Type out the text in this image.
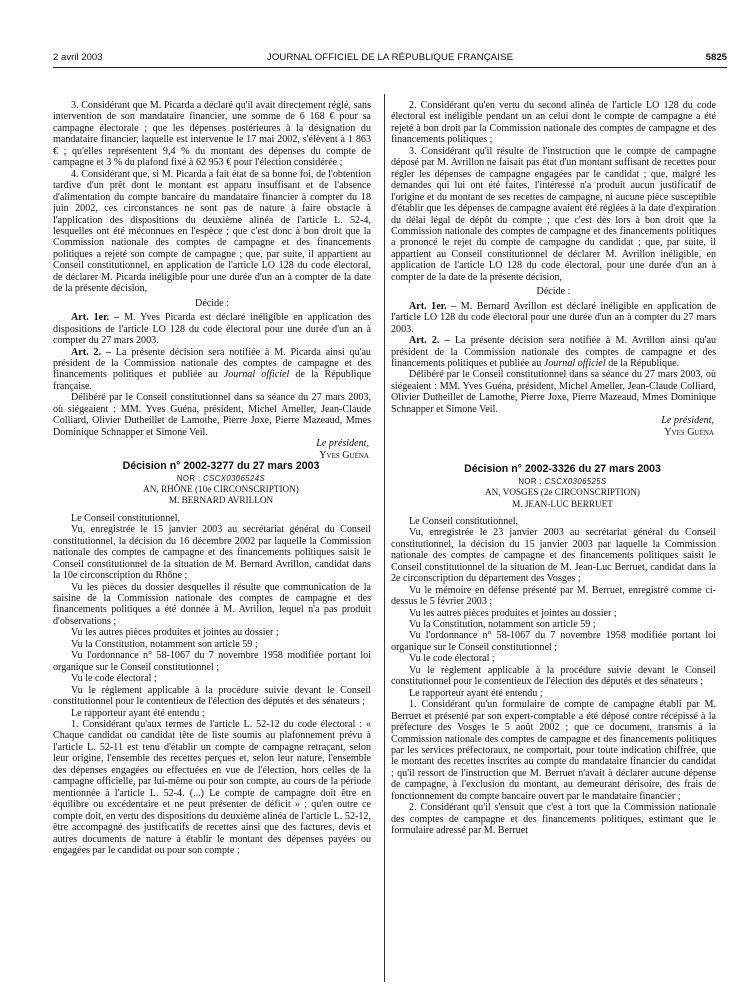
2 avril 2003	JOURNAL OFFICIEL DE LA RÉPUBLIQUE FRANÇAISE	5825

3. Considérant que M. Picarda a déclaré qu'il avait directement réglé, sans intervention de son mandataire financier, une somme de 6 168 € pour sa campagne électorale ; que les dépenses postérieures à la désignation du mandataire financier, laquelle est intervenue le 17 mai 2002, s'élèvent à 1 863 € ; qu'elles représentent 9,4 % du montant des dépenses du compte de campagne et 3 % du plafond fixé à 62 953 € pour l'élection considérée ;

4. Considérant que, si M. Picarda a fait état de sa bonne foi, de l'obtention tardive d'un prêt dont le montant est apparu insuffisant et de l'absence d'alimentation du compte bancaire du mandataire financier à compter du 18 juin 2002, ces circonstances ne sont pas de nature à faire obstacle à l'application des dispositions du deuxième alinéa de l'article L. 52-4, lesquelles ont été méconnues en l'espèce ; que c'est donc à bon droit que la Commission nationale des comptes de campagne et des financements politiques a rejeté son compte de campagne ; que, par suite, il appartient au Conseil constitutionnel, en application de l'article LO 128 du code électoral, de déclarer M. Picarda inéligible pour une durée d'un an à compter de la date de la présente décision,

Décide :

Art. 1er. – M. Yves Picarda est déclaré inéligible en application des dispositions de l'article LO 128 du code électoral pour une durée d'un an à compter du 27 mars 2003.

Art. 2. – La présente décision sera notifiée à M. Picarda ainsi qu'au président de la Commission nationale des comptes de campagne et des financements politiques et publiée au Journal officiel de la République française.

Délibéré par le Conseil constitutionnel dans sa séance du 27 mars 2003, où siégeaient : MM. Yves Guéna, président, Michel Ameller, Jean-Claude Colliard, Olivier Dutheillet de Lamothe, Pierre Joxe, Pierre Mazeaud, Mmes Dominique Schnapper et Simone Veil.

Le président,

Yves Guéna

Décision n° 2002-3277 du 27 mars 2003

NOR : CSCX0306524S

AN, RHÔNE (10e CIRCONSCRIPTION)

M. BERNARD AVRILLON

Le Conseil constitutionnel,

Vu, enregistrée le 15 janvier 2003 au secrétariat général du Conseil constitutionnel, la décision du 16 décembre 2002 par laquelle la Commission nationale des comptes de campagne et des financements politiques saisit le Conseil constitutionnel de la situation de M. Bernard Avrillon, candidat dans la 10e circonscription du Rhône ;

Vu les pièces du dossier desquelles il résulte que communication de la saisine de la Commission nationale des comptes de campagne et des financements politiques a été donnée à M. Avrillon, lequel n'a pas produit d'observations ;

Vu les autres pièces produites et jointes au dossier ;

Vu la Constitution, notamment son article 59 ;

Vu l'ordonnance n° 58-1067 du 7 novembre 1958 modifiée portant loi organique sur le Conseil constitutionnel ;

Vu le code électoral ;

Vu le règlement applicable à la procédure suivie devant le Conseil constitutionnel pour le contentieux de l'élection des députés et des sénateurs ;

Le rapporteur ayant été entendu ;

1. Considérant qu'aux termes de l'article L. 52-12 du code électoral : « Chaque candidat ou candidat tête de liste soumis au plafonnement prévu à l'article L. 52-11 est tenu d'établir un compte de campagne retraçant, selon leur origine, l'ensemble des recettes perçues et, selon leur nature, l'ensemble des dépenses engagées ou effectuées en vue de l'élection, hors celles de la campagne officielle, par lui-même ou pour son compte, au cours de la période mentionnée à l'article L. 52-4. (...) Le compte de campagne doit être en équilibre ou excédentaire et ne peut présenter de déficit » ; qu'en outre ce compte doit, en vertu des dispositions du deuxième alinéa de l'article L. 52-12, être accompagné des justificatifs de recettes ainsi que des factures, devis et autres documents de nature à établir le montant des dépenses payées ou engagées par le candidat ou pour son compte ;

2. Considérant qu'en vertu du second alinéa de l'article LO 128 du code électoral est inéligible pendant un an celui dont le compte de campagne a été rejeté à bon droit par la Commission nationale des comptes de campagne et des financements politiques ;

3. Considérant qu'il résulte de l'instruction que le compte de campagne déposé par M. Avrillon ne faisait pas état d'un montant suffisant de recettes pour régler les dépenses de campagne engagées par le candidat ; que, malgré les demandes qui lui ont été faites, l'intéressé n'a produit aucun justificatif de l'origine et du montant de ses recettes de campagne, ni aucune pièce susceptible d'établir que les dépenses de campagne avaient été réglées à la date d'expiration du délai légal de dépôt du compte ; que c'est dès lors à bon droit que la Commission nationale des comptes de campagne et des financements politiques a prononcé le rejet du compte de campagne du candidat ; que, par suite, il appartient au Conseil constitutionnel de déclarer M. Avrillon inéligible, en application de l'article LO 128 du code électoral, pour une durée d'un an à compter de la date de la présente décision,

Décide :

Art. 1er. – M. Bernard Avrillon est déclaré inéligible en application de l'article LO 128 du code électoral pour une durée d'un an à compter du 27 mars 2003.

Art. 2. – La présente décision sera notifiée à M. Avrillon ainsi qu'au président de la Commission nationale des comptes de campagne et des financements politiques et publiée au Journal officiel de la République.

Délibéré par le Conseil constitutionnel dans sa séance du 27 mars 2003, où siégeaient : MM. Yves Guéna, président, Michel Ameller, Jean-Claude Colliard, Olivier Dutheillet de Lamothe, Pierre Joxe, Pierre Mazeaud, Mmes Dominique Schnapper et Simone Veil.

Le président,

Yves Guéna

Décision n° 2002-3326 du 27 mars 2003

NOR : CSCX0306525S

AN, VOSGES (2e CIRCONSCRIPTION)

M. JEAN-LUC BERRUET

Le Conseil constitutionnel,

Vu, enregistrée le 23 janvier 2003 au secrétariat général du Conseil constitutionnel, la décision du 15 janvier 2003 par laquelle la Commission nationale des comptes de campagne et des financements politiques saisit le Conseil constitutionnel de la situation de M. Jean-Luc Berruet, candidat dans la 2e circonscription du département des Vosges ;

Vu le mémoire en défense présenté par M. Berruet, enregistré comme ci-dessus le 5 février 2003 ;

Vu les autres pièces produites et jointes au dossier ;

Vu la Constitution, notamment son article 59 ;

Vu l'ordonnance n° 58-1067 du 7 novembre 1958 modifiée portant loi organique sur le Conseil constitutionnel ;

Vu le code électoral ;

Vu le règlement applicable à la procédure suivie devant le Conseil constitutionnel pour le contentieux de l'élection des députés et des sénateurs ;

Le rapporteur ayant été entendu ;

1. Considérant qu'un formulaire de compte de campagne établi par M. Berruet et présenté par son expert-comptable a été déposé contre récépissé à la préfecture des Vosges le 5 août 2002 ; que ce document, transmis à la Commission nationale des comptes de campagne et des financements politiques par les services préfectoraux, ne comportait, pour toute indication chiffrée, que le montant des recettes inscrites au compte du mandataire financier du candidat ; qu'il ressort de l'instruction que M. Berruet n'avait à déclarer aucune dépense de campagne, à l'exclusion du montant, au demeurant dérisoire, des frais de fonctionnement du compte bancaire ouvert par le mandataire financier ;

2. Considérant qu'il s'ensuit que c'est à tort que la Commission nationale des comptes de campagne et des financements politiques, estimant que le formulaire adressé par M. Berruet
